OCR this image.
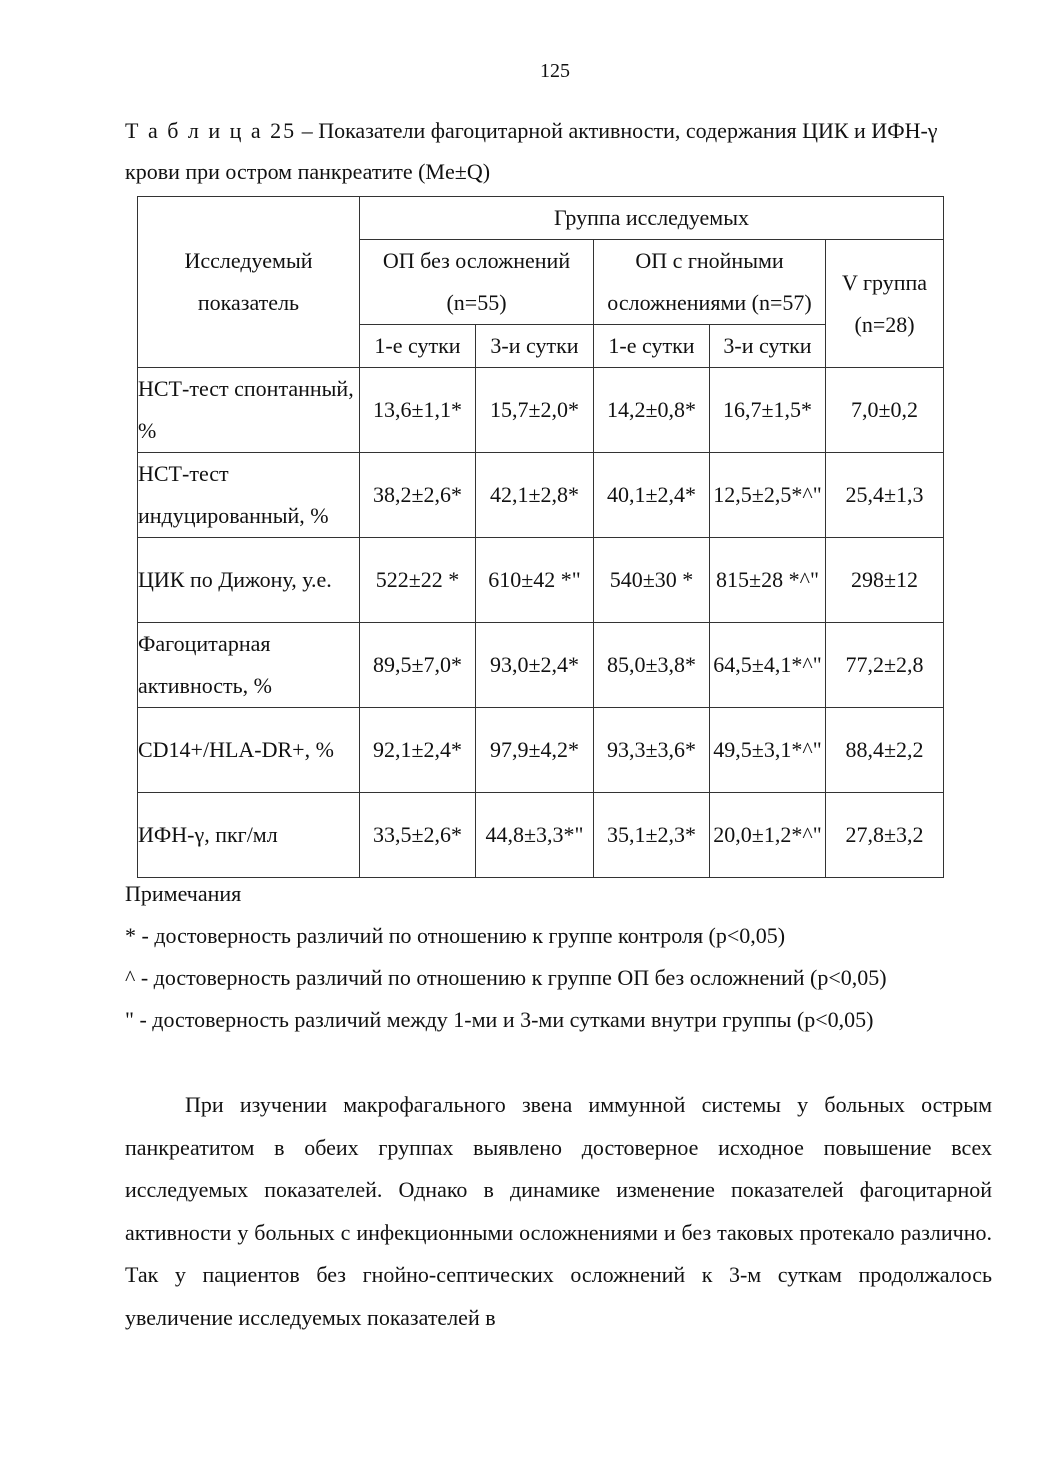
125
Т а б л и ц а 25 – Показатели фагоцитарной активности, содержания ЦИК и ИФН-γ крови при остром панкреатите (Me±Q)
Исследуемый показатель	Группа исследуемых				
	ОП без осложнений (n=55)		ОП с гнойными осложнениями (n=57)		V группа (n=28)
	1-е сутки	3-и сутки	1-е сутки	3-и сутки	
НСТ-тест спонтанный, %	13,6±1,1*	15,7±2,0*	14,2±0,8*	16,7±1,5*	7,0±0,2
НСТ-тест индуцированный, %	38,2±2,6*	42,1±2,8*	40,1±2,4*	12,5±2,5*^"	25,4±1,3
ЦИК по Дижону, у.е.	522±22 *	610±42 *"	540±30 *	815±28 *^"	298±12
Фагоцитарная активность, %	89,5±7,0*	93,0±2,4*	85,0±3,8*	64,5±4,1*^"	77,2±2,8
CD14+/HLA-DR+, %	92,1±2,4*	97,9±4,2*	93,3±3,6*	49,5±3,1*^"	88,4±2,2
ИФН-γ, пкг/мл	33,5±2,6*	44,8±3,3*"	35,1±2,3*	20,0±1,2*^"	27,8±3,2
Примечания
* - достоверность различий по отношению к группе контроля (p<0,05)
^ - достоверность различий по отношению к группе ОП без осложнений (p<0,05)
" - достоверность различий между 1-ми и 3-ми сутками внутри группы (p<0,05)
При изучении макрофагального звена иммунной системы у больных острым панкреатитом в обеих группах выявлено достоверное исходное повышение всех исследуемых показателей. Однако в динамике изменение показателей фагоцитарной активности у больных с инфекционными осложнениями и без таковых протекало различно. Так у пациентов без гнойно-септических осложнений к 3-м суткам продолжалось увеличение исследуемых показателей в
